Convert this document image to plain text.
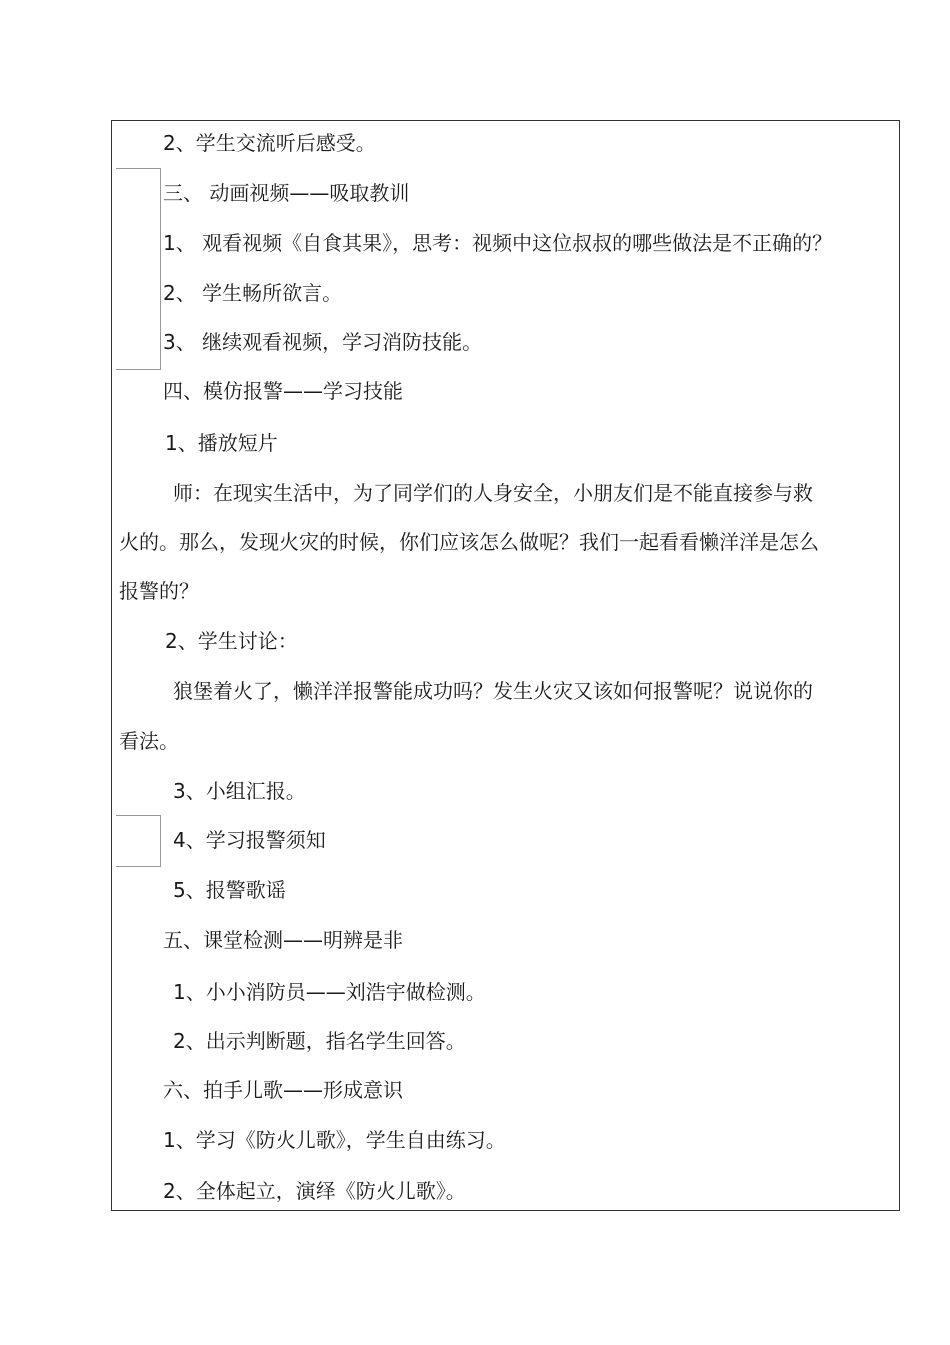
2、学生交流听后感受。
三、 动画视频——吸取教训
1、 观看视频《自食其果》，思考：视频中这位叔叔的哪些做法是不正确的？
2、 学生畅所欲言。
3、 继续观看视频，学习消防技能。
四、模仿报警——学习技能
1、播放短片
师：在现实生活中，为了同学们的人身安全，小朋友们是不能直接参与救
火的。那么，发现火灾的时候，你们应该怎么做呢？我们一起看看懒洋洋是怎么
报警的？
2、学生讨论：
狼堡着火了，懒洋洋报警能成功吗？发生火灾又该如何报警呢？说说你的
看法。
3、小组汇报。
4、学习报警须知
5、报警歌谣
五、课堂检测——明辨是非
1、小小消防员——刘浩宇做检测。
2、出示判断题，指名学生回答。
六、拍手儿歌——形成意识
1、学习《防火儿歌》，学生自由练习。
2、全体起立，演绎《防火儿歌》。
